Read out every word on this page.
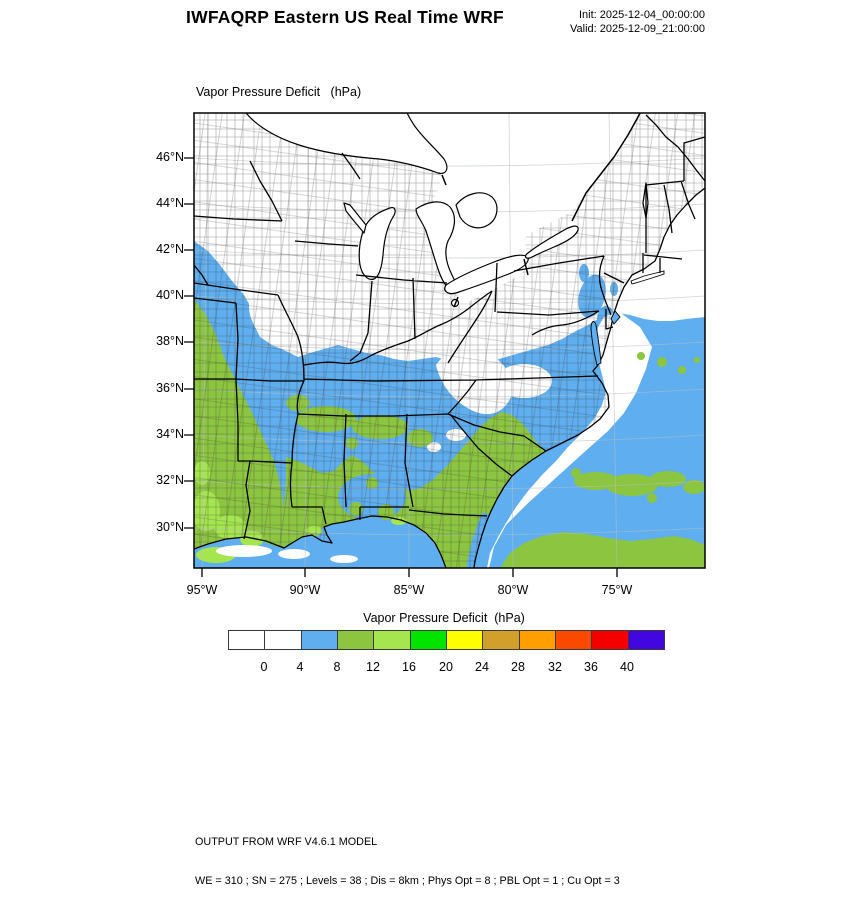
IWFAQRP Eastern US Real Time WRF	Init: 2025-12-04_00:00:00
Valid: 2025-12-09_21:00:00
Vapor Pressure Deficit   (hPa)
46°N
44°N
42°N
40°N
38°N
36°N
34°N
32°N
30°N
95°W	90°W	85°W	80°W	75°W
Vapor Pressure Deficit  (hPa)
0	4	8	12	16	20	24	28	32	36	40

OUTPUT FROM WRF V4.6.1 MODEL

WE = 310 ; SN = 275 ; Levels = 38 ; Dis = 8km ; Phys Opt = 8 ; PBL Opt = 1 ; Cu Opt = 3
